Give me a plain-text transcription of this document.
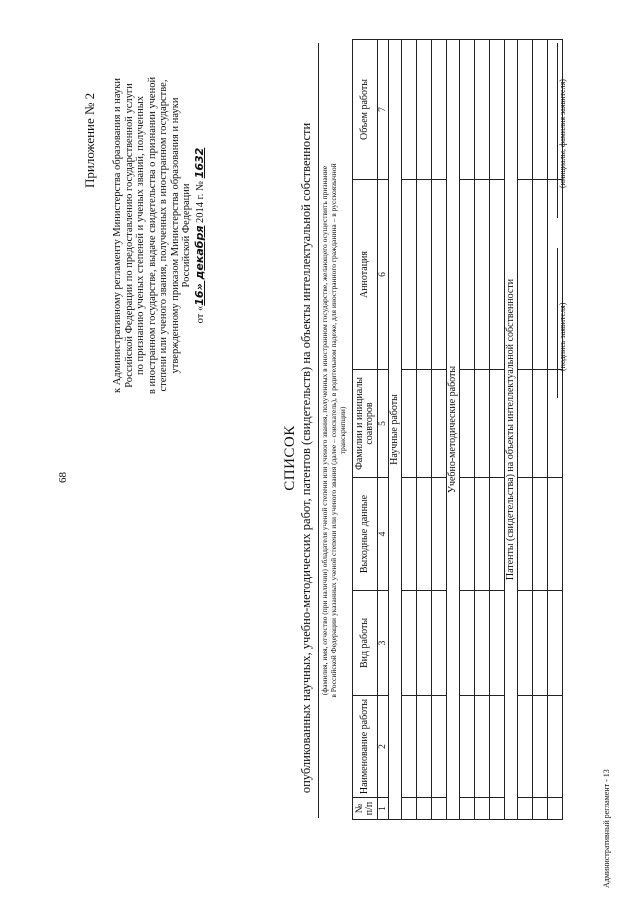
68
Приложение № 2 к Административному регламенту Министерства образования и науки Российской Федерации по предоставлению государственной услуги по признанию ученых степеней и ученых званий, полученных в иностранном государстве, выдаче свидетельства о признании ученой степени или ученого звания, полученных в иностранном государстве, утвержденному приказом Министерства образования и науки Российской Федерации
от «16» декабря 2014 г. № 1632
СПИСОК опубликованных научных, учебно-методических работ, патентов (свидетельств) на объекты интеллектуальной собственности (фамилия, имя, отчество (при наличии) обладателя ученой степени или ученого звания, полученных в иностранном государстве, желающего осуществить признание в Российской Федерации указанных ученой степени или ученого звания (далее – соискатель), в родительном падеже, для иностранного гражданина – в русскоязычной транскрипции)
№ п/п	Наименование работы	Вид работы	Выходные данные	Фамилии и инициалы соавторов	Аннотация	Объем работы
1	2	3	4	5	6	7
Научные работы						

Учебно-методические работы						

Патенты (свидетельства) на объекты интеллектуальной собственности						

							(подпись заявителя)
(инициалы, фамилия заявителя)
Административный регламент - 13
